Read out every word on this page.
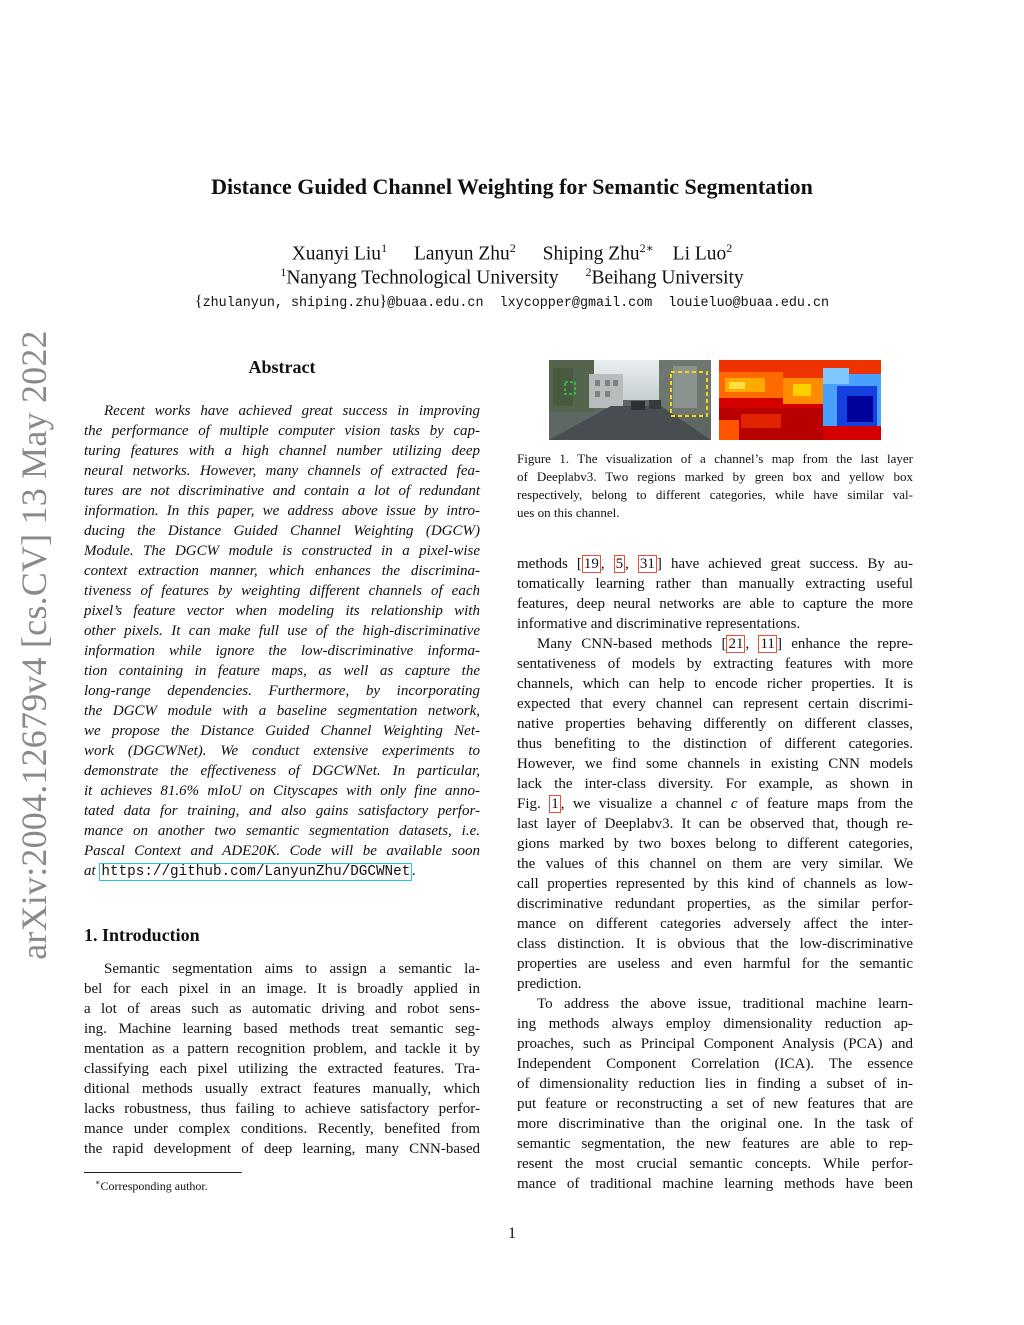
arXiv:2004.12679v4 [cs.CV] 13 May 2022
Distance Guided Channel Weighting for Semantic Segmentation
Xuanyi Liu$^1$ Lanyun Zhu$^2$ Shiping Zhu$^{2∗}$ Li Luo$^2$
$^1$Nanyang Technological University $^2$Beihang University
{zhulanyun, shiping.zhu}@buaa.edu.cn lxycopper@gmail.com louieluo@buaa.edu.cn
Abstract
Recent works have achieved great success in improving
the performance of multiple computer vision tasks by cap-
turing features with a high channel number utilizing deep
neural networks. However, many channels of extracted fea-
tures are not discriminative and contain a lot of redundant
information. In this paper, we address above issue by intro-
ducing the Distance Guided Channel Weighting (DGCW)
Module. The DGCW module is constructed in a pixel-wise
context extraction manner, which enhances the discrimina-
tiveness of features by weighting different channels of each
pixel’s feature vector when modeling its relationship with
other pixels. It can make full use of the high-discriminative
information while ignore the low-discriminative informa-
tion containing in feature maps, as well as capture the
long-range dependencies. Furthermore, by incorporating
the DGCW module with a baseline segmentation network,
we propose the Distance Guided Channel Weighting Net-
work (DGCWNet). We conduct extensive experiments to
demonstrate the effectiveness of DGCWNet. In particular,
it achieves 81.6% mIoU on Cityscapes with only fine anno-
tated data for training, and also gains satisfactory perfor-
mance on another two semantic segmentation datasets, i.e.
Pascal Context and ADE20K. Code will be available soon
at https://github.com/LanyunZhu/DGCWNet .
1. Introduction
Semantic segmentation aims to assign a semantic la-
bel for each pixel in an image. It is broadly applied in
a lot of areas such as automatic driving and robot sens-
ing. Machine learning based methods treat semantic seg-
mentation as a pattern recognition problem, and tackle it by
classifying each pixel utilizing the extracted features. Tra-
ditional methods usually extract features manually, which
lacks robustness, thus failing to achieve satisfactory perfor-
mance under complex conditions. Recently, benefited from
the rapid development of deep learning, many CNN-based
∗Corresponding author.
Figure 1. The visualization of a channel’s map from the last layer
of Deeplabv3. Two regions marked by green box and yellow box
respectively, belong to different categories, while have similar val-
ues on this channel.
methods [ 19 , 5 , 31 ] have achieved great success. By au-
tomatically learning rather than manually extracting useful
features, deep neural networks are able to capture the more
informative and discriminative representations.
Many CNN-based methods [ 21 , 11 ] enhance the repre-
sentativeness of models by extracting features with more
channels, which can help to encode richer properties. It is
expected that every channel can represent certain discrimi-
native properties behaving differently on different classes,
thus benefiting to the distinction of different categories.
However, we find some channels in existing CNN models
lack the inter-class diversity. For example, as shown in
Fig. 1 , we visualize a channel c of feature maps from the
last layer of Deeplabv3. It can be observed that, though re-
gions marked by two boxes belong to different categories,
the values of this channel on them are very similar. We
call properties represented by this kind of channels as low-
discriminative redundant properties, as the similar perfor-
mance on different categories adversely affect the inter-
class distinction. It is obvious that the low-discriminative
properties are useless and even harmful for the semantic
prediction.
To address the above issue, traditional machine learn-
ing methods always employ dimensionality reduction ap-
proaches, such as Principal Component Analysis (PCA) and
Independent Component Correlation (ICA). The essence
of dimensionality reduction lies in finding a subset of in-
put feature or reconstructing a set of new features that are
more discriminative than the original one. In the task of
semantic segmentation, the new features are able to rep-
resent the most crucial semantic concepts. While perfor-
mance of traditional machine learning methods have been
1
